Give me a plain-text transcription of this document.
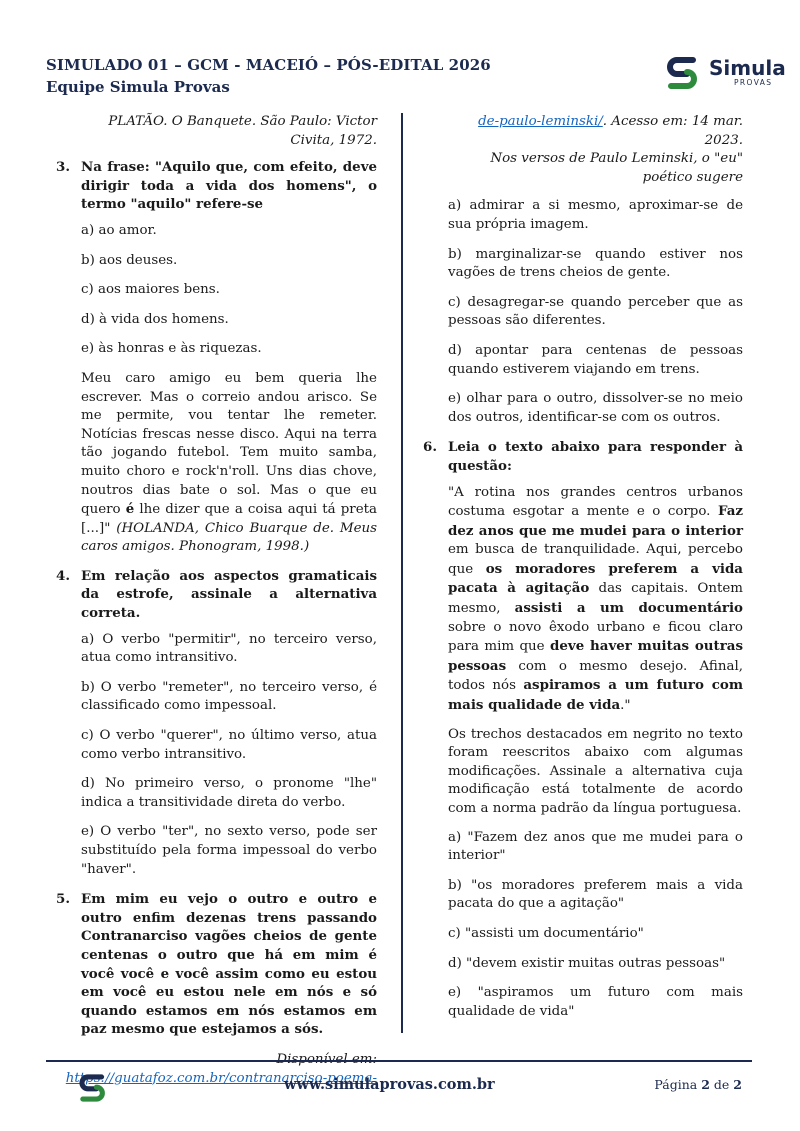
SIMULADO 01 – GCM - MACEIÓ – PÓS-EDITAL 2026
Equipe Simula Provas
Simula
PROVAS
PLATÃO. O Banquete. São Paulo: Victor Civita, 1972.
3. Na frase: "Aquilo que, com efeito, deve dirigir toda a vida dos homens", o termo "aquilo" refere-se
a) ao amor.
b) aos deuses.
c) aos maiores bens.
d) à vida dos homens.
e) às honras e às riquezas.
Meu caro amigo eu bem queria lhe escrever. Mas o correio andou arisco. Se me permite, vou tentar lhe remeter. Notícias frescas nesse disco. Aqui na terra tão jogando futebol. Tem muito samba, muito choro e rock'n'roll. Uns dias chove, noutros dias bate o sol. Mas o que eu quero é lhe dizer que a coisa aqui tá preta [...]" (HOLANDA, Chico Buarque de. Meus caros amigos. Phonogram, 1998.)
4. Em relação aos aspectos gramaticais da estrofe, assinale a alternativa correta.
a) O verbo "permitir", no terceiro verso, atua como intransitivo.
b) O verbo "remeter", no terceiro verso, é classificado como impessoal.
c) O verbo "querer", no último verso, atua como verbo intransitivo.
d) No primeiro verso, o pronome "lhe" indica a transitividade direta do verbo.
e) O verbo "ter", no sexto verso, pode ser substituído pela forma impessoal do verbo "haver".
5. Em mim eu vejo o outro e outro e outro enfim dezenas trens passando Contranarciso vagões cheios de gente centenas o outro que há em mim é você você e você assim como eu estou em você eu estou nele em nós e só quando estamos em nós estamos em paz mesmo que estejamos a sós.
https://guatafoz.com.br/contranarciso-poema-
de-paulo-leminski/. Acesso em: 14 mar. 2023.
Nos versos de Paulo Leminski, o "eu" poético sugere
a) admirar a si mesmo, aproximar-se de sua própria imagem.
b) marginalizar-se quando estiver nos vagões de trens cheios de gente.
c) desagregar-se quando perceber que as pessoas são diferentes.
d) apontar para centenas de pessoas quando estiverem viajando em trens.
e) olhar para o outro, dissolver-se no meio dos outros, identificar-se com os outros.
6. Leia o texto abaixo para responder à questão:
"A rotina nos grandes centros urbanos costuma esgotar a mente e o corpo. Faz dez anos que me mudei para o interior em busca de tranquilidade. Aqui, percebo que os moradores preferem a vida pacata à agitação das capitais. Ontem mesmo, assisti a um documentário sobre o novo êxodo urbano e ficou claro para mim que deve haver muitas outras pessoas com o mesmo desejo. Afinal, todos nós aspiramos a um futuro com mais qualidade de vida."
Os trechos destacados em negrito no texto foram reescritos abaixo com algumas modificações. Assinale a alternativa cuja modificação está totalmente de acordo com a norma padrão da língua portuguesa.
a) "Fazem dez anos que me mudei para o interior"
b) "os moradores preferem mais a vida pacata do que a agitação"
c) "assisti um documentário"
d) "devem existir muitas outras pessoas"
e) "aspiramos um futuro com mais qualidade de vida"
www.simulaprovas.com.br	Página 2 de 2
